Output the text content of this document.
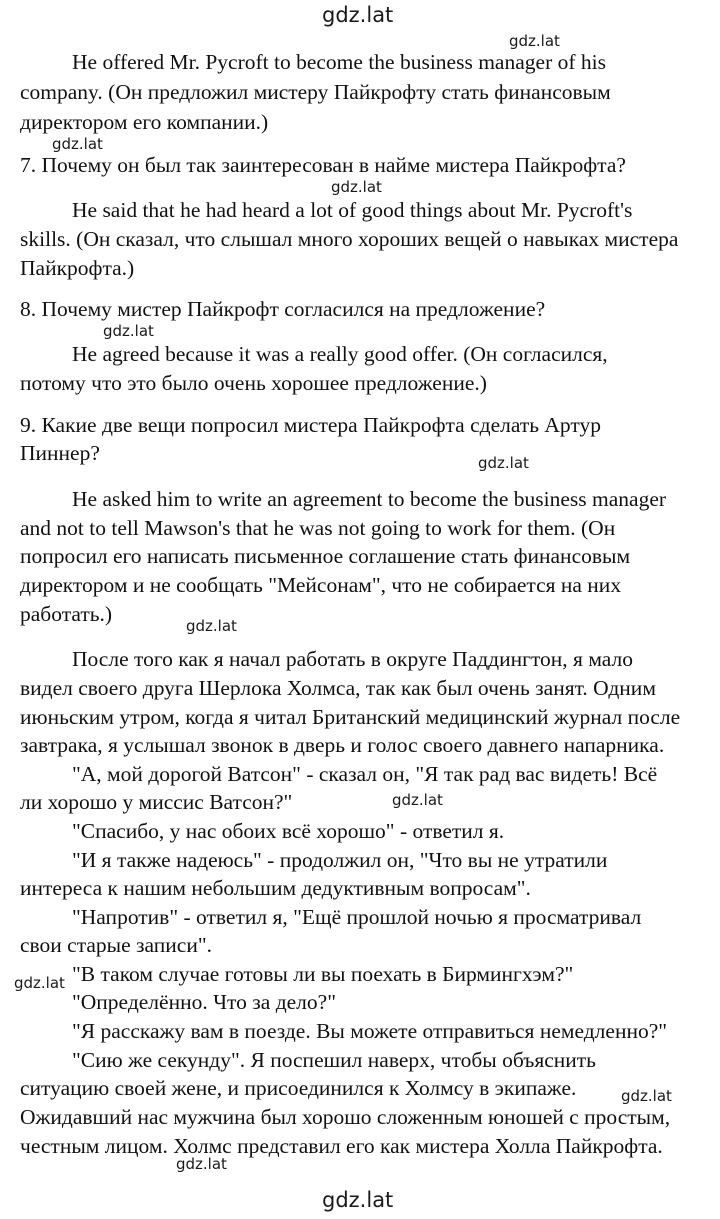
gdz.lat
gdz.lat
He offered Mr. Pycroft to become the business manager of his
company. (Он предложил мистеру Пайкрофту стать финансовым
директором его компании.)
gdz.lat
7. Почему он был так заинтересован в найме мистера Пайкрофта?
gdz.lat
He said that he had heard a lot of good things about Mr. Pycroft's
skills. (Он сказал, что слышал много хороших вещей о навыках мистера
Пайкрофта.)
8. Почему мистер Пайкрофт согласился на предложение?
gdz.lat
He agreed because it was a really good offer. (Он согласился,
потому что это было очень хорошее предложение.)
9. Какие две вещи попросил мистера Пайкрофта сделать Артур
Пиннер?	gdz.lat
He asked him to write an agreement to become the business manager
and not to tell Mawson's that he was not going to work for them. (Он
попросил его написать письменное соглашение стать финансовым
директором и не сообщать "Мейсонам", что не собирается на них
работать.)	gdz.lat
После того как я начал работать в округе Паддингтон, я мало
видел своего друга Шерлока Холмса, так как был очень занят. Одним
июньским утром, когда я читал Британский медицинский журнал после
завтрака, я услышал звонок в дверь и голос своего давнего напарника.
"А, мой дорогой Ватсон" - сказал он, "Я так рад вас видеть! Всё
ли хорошо у миссис Ватсон?"	gdz.lat
"Спасибо, у нас обоих всё хорошо" - ответил я.
"И я также надеюсь" - продолжил он, "Что вы не утратили
интереса к нашим небольшим дедуктивным вопросам".
"Напротив" - ответил я, "Ещё прошлой ночью я просматривал
свои старые записи".
gdz.lat "В таком случае готовы ли вы поехать в Бирмингхэм?"
"Определённо. Что за дело?"
"Я расскажу вам в поезде. Вы можете отправиться немедленно?"
"Сию же секунду". Я поспешил наверх, чтобы объяснить
ситуацию своей жене, и присоединился к Холмсу в экипаже.	gdz.lat
Ожидавший нас мужчина был хорошо сложенным юношей с простым,
честным лицом. Холмс представил его как мистера Холла Пайкрофта.
gdz.lat
gdz.lat
